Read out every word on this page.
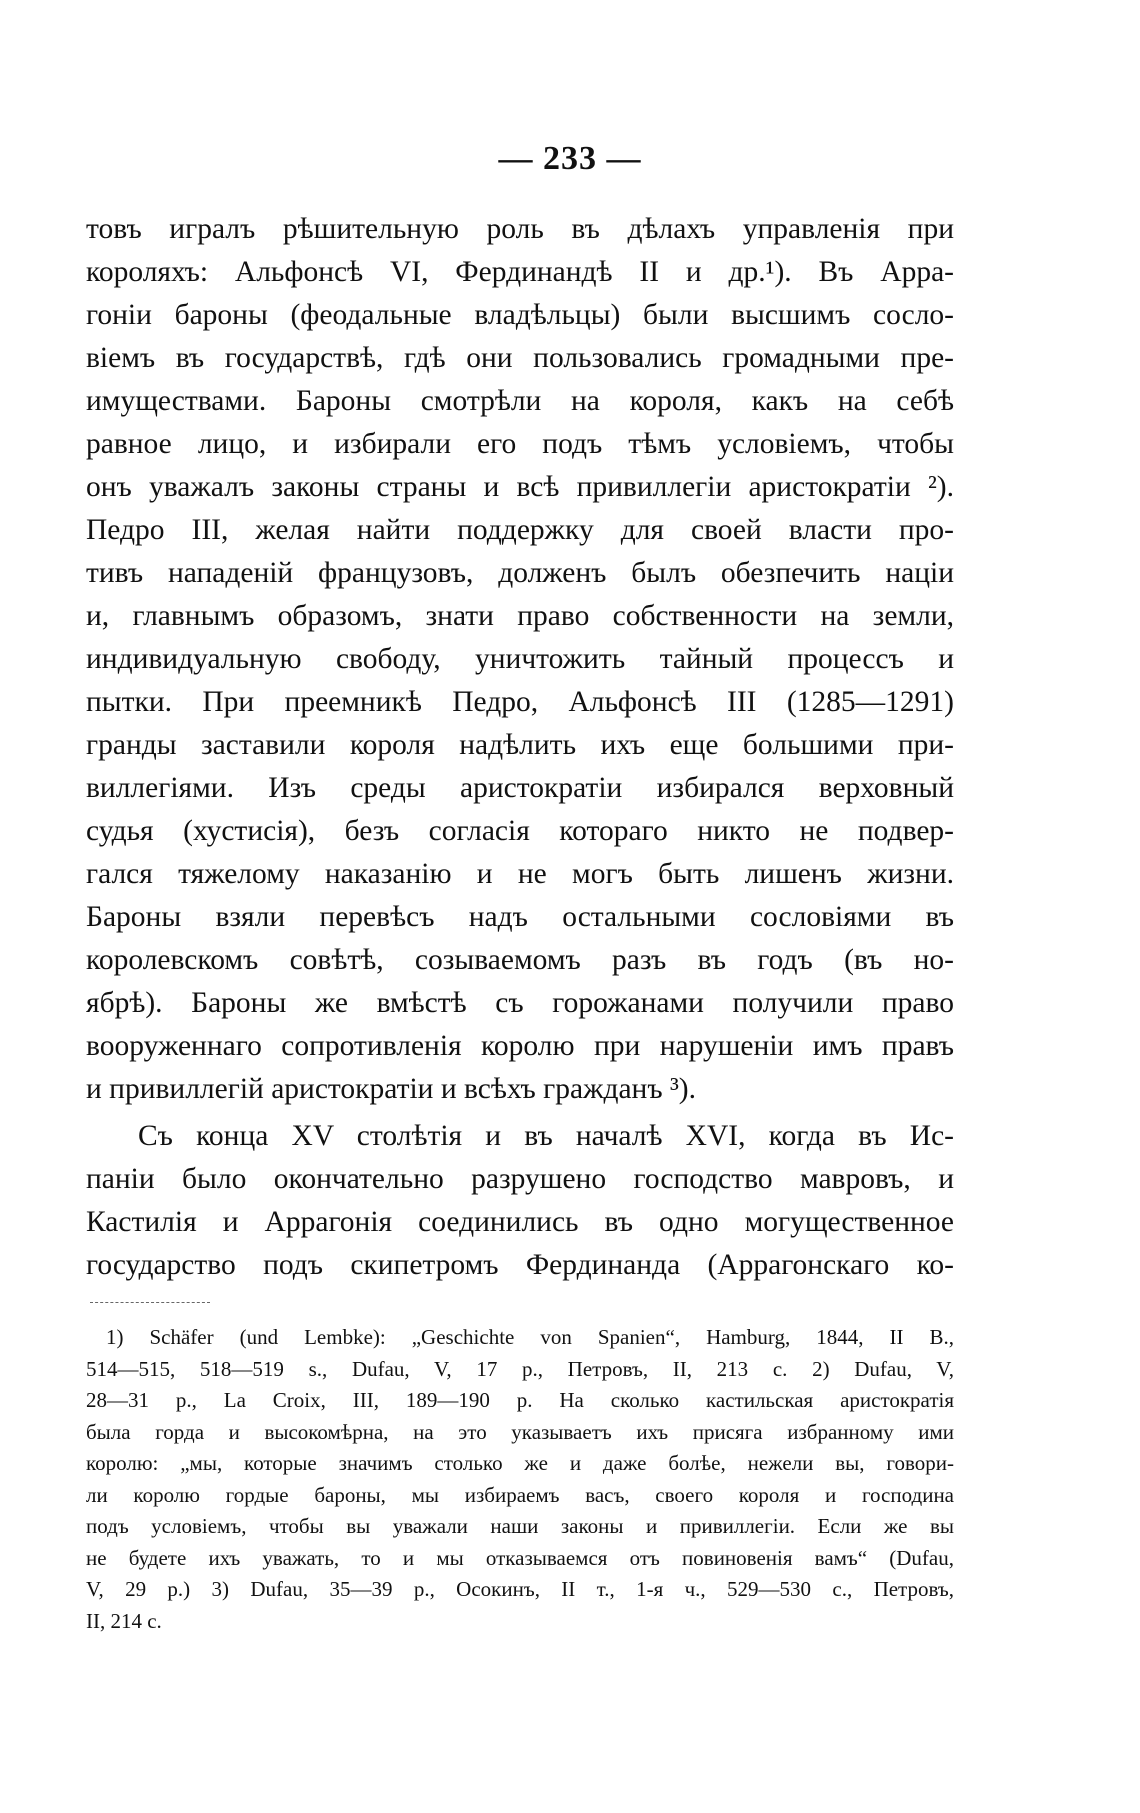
— 233 —
товъ игралъ рѣшительную роль въ дѣлахъ управленія при
короляхъ: Альфонсѣ VI, Фердинандѣ II и др.¹). Въ Арра-
гоніи бароны (феодальные владѣльцы) были высшимъ сосло-
віемъ въ государствѣ, гдѣ они пользовались громадными пре-
имуществами. Бароны смотрѣли на короля, какъ на себѣ
равное лицо, и избирали его подъ тѣмъ условіемъ, чтобы
онъ уважалъ законы страны и всѣ привиллегіи аристократіи ²).
Педро III, желая найти поддержку для своей власти про-
тивъ нападеній французовъ, долженъ былъ обезпечить націи
и, главнымъ образомъ, знати право собственности на земли,
индивидуальную свободу, уничтожить тайный процессъ и
пытки. При преемникѣ Педро, Альфонсѣ III (1285—1291)
гранды заставили короля надѣлить ихъ еще большими при-
виллегіями. Изъ среды аристократіи избирался верховный
судья (хустисія), безъ согласія котораго никто не подвер-
гался тяжелому наказанію и не могъ быть лишенъ жизни.
Бароны взяли перевѣсъ надъ остальными сословіями въ
королевскомъ совѣтѣ, созываемомъ разъ въ годъ (въ но-
ябрѣ). Бароны же вмѣстѣ съ горожанами получили право
вооруженнаго сопротивленія королю при нарушеніи имъ правъ
и привиллегій аристократіи и всѣхъ гражданъ ³).
Съ конца XV столѣтія и въ началѣ XVI, когда въ Ис-
паніи было окончательно разрушено господство мавровъ, и
Кастилія и Аррагонія соединились въ одно могущественное
государство подъ скипетромъ Фердинанда (Аррагонскаго ко-
1) Schäfer (und Lembke): „Geschichte von Spanien“, Hamburg, 1844, II B.,
514—515, 518—519 s., Dufau, V, 17 p., Петровъ, II, 213 c. 2) Dufau, V,
28—31 p., La Croix, III, 189—190 p. На сколько кастильская аристократія
была горда и высокомѣрна, на это указываетъ ихъ присяга избранному ими
королю: „мы, которые значимъ столько же и даже болѣе, нежели вы, говори-
ли королю гордые бароны, мы избираемъ васъ, своего короля и господина
подъ условіемъ, чтобы вы уважали наши законы и привиллегіи. Если же вы
не будете ихъ уважать, то и мы отказываемся отъ повиновенія вамъ“ (Dufau,
V, 29 p.) 3) Dufau, 35—39 p., Осокинъ, II т., 1-я ч., 529—530 с., Петровъ,
II, 214 с.
